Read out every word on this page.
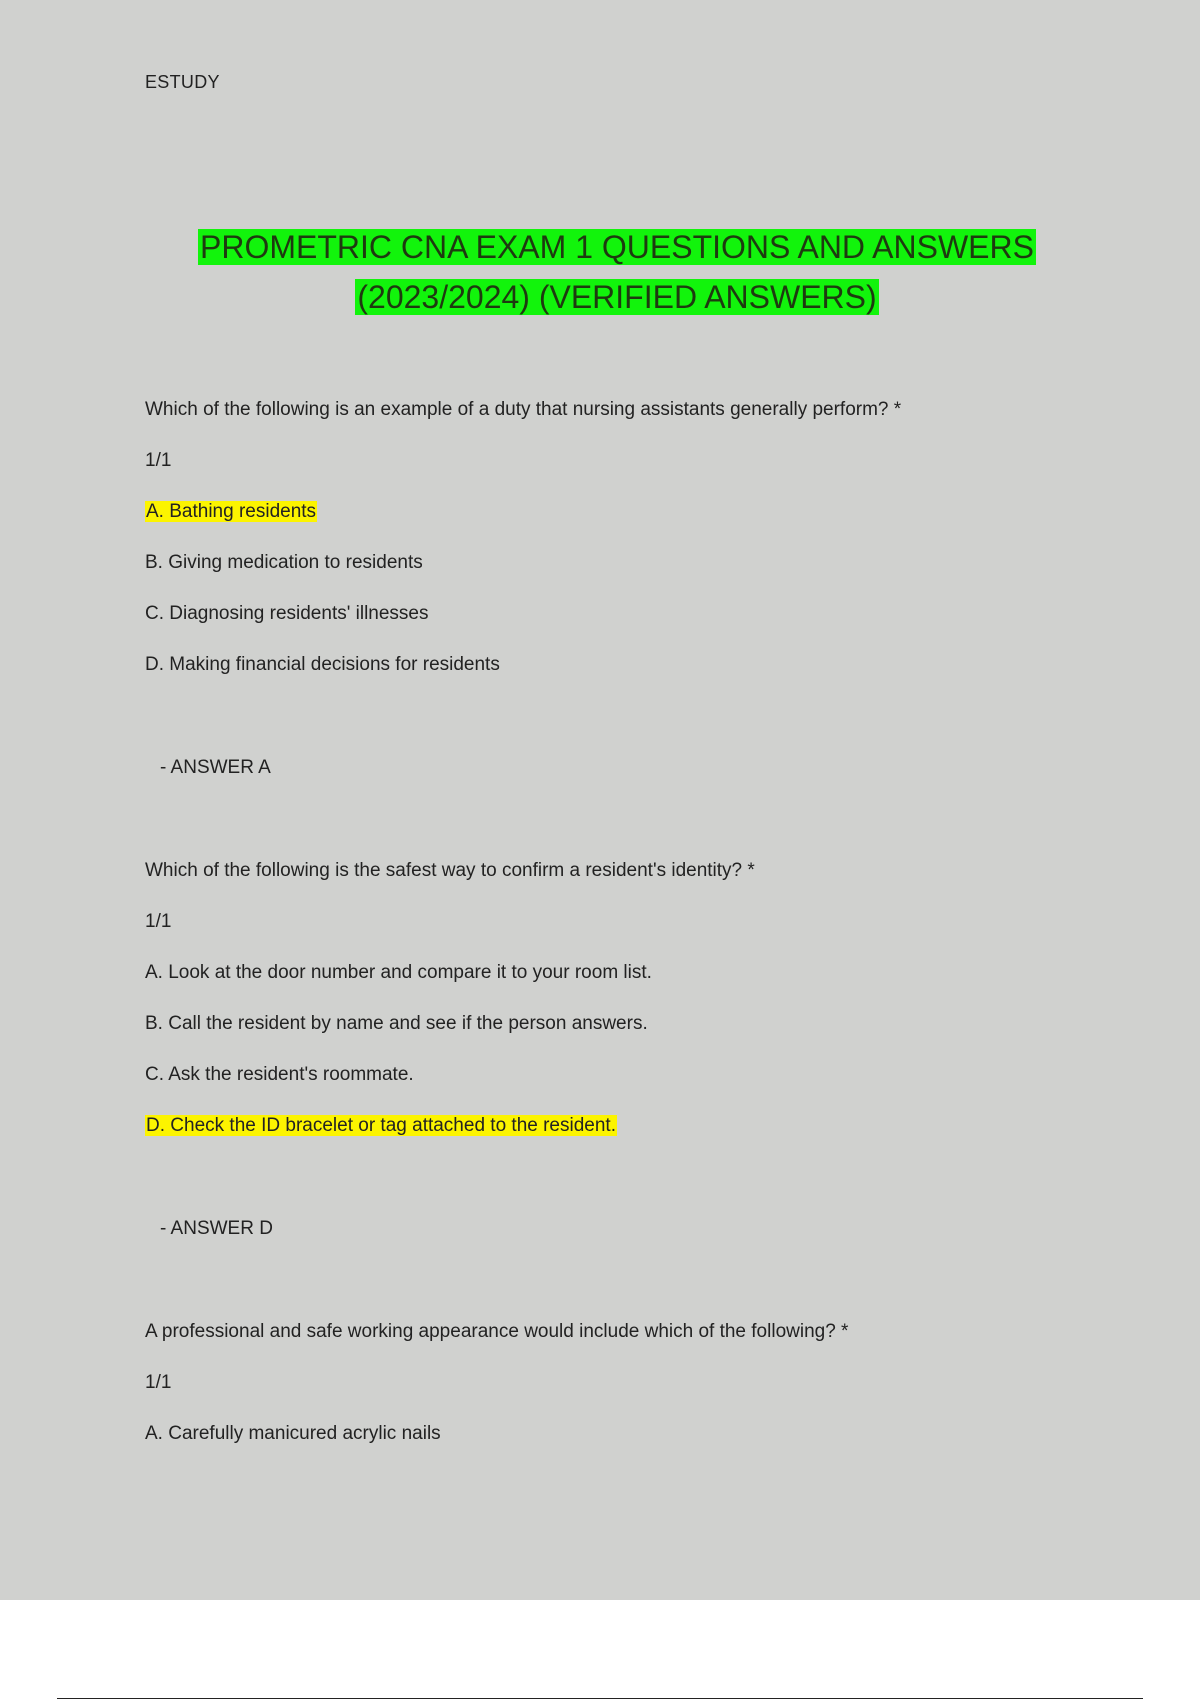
ESTUDY
PROMETRIC CNA EXAM 1 QUESTIONS AND ANSWERS
(2023/2024) (VERIFIED ANSWERS)
Which of the following is an example of a duty that nursing assistants generally perform? *
1/1
A. Bathing residents
B. Giving medication to residents
C. Diagnosing residents' illnesses
D. Making financial decisions for residents
- ANSWER A
Which of the following is the safest way to confirm a resident's identity? *
1/1
A. Look at the door number and compare it to your room list.
B. Call the resident by name and see if the person answers.
C. Ask the resident's roommate.
D. Check the ID bracelet or tag attached to the resident.
- ANSWER D
A professional and safe working appearance would include which of the following? *
1/1
A. Carefully manicured acrylic nails
